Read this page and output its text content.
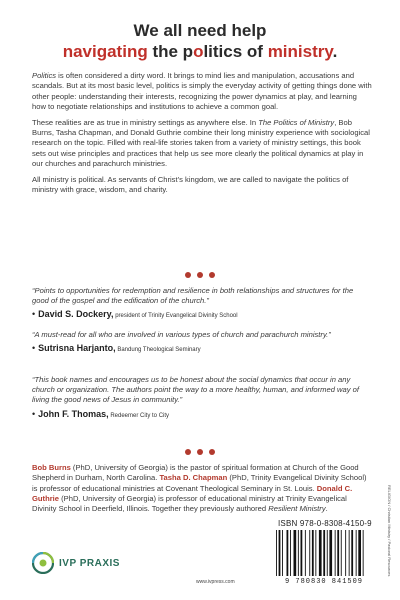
We all need help
navigating the politics of ministry.

Politics is often considered a dirty word. It brings to mind lies and manipulation, accusations and scandals. But at its most basic level, politics is simply the everyday activity of getting things done with other people: understanding their interests, recognizing the power dynamics at play, and learning how to negotiate relationships and institutions to achieve a common goal.

These realities are as true in ministry settings as anywhere else. In The Politics of Ministry, Bob Burns, Tasha Chapman, and Donald Guthrie combine their long ministry experience with sociological research on the topic. Filled with real-life stories taken from a variety of ministry settings, this book sets out wise principles and practices that help us see more clearly the political dynamics at play in our churches and parachurch ministries.

All ministry is political. As servants of Christ’s kingdom, we are called to navigate the politics of ministry with grace, wisdom, and charity.

“Points to opportunities for redemption and resilience in both relationships and structures for the good of the gospel and the edification of the church.”
• David S. Dockery, president of Trinity Evangelical Divinity School
“A must-read for all who are involved in various types of church and parachurch ministry.”
• Sutrisna Harjanto, Bandung Theological Seminary
“This book names and encourages us to be honest about the social dynamics that occur in any church or organization. The authors point the way to a more healthy, human, and informed way of living the good news of Jesus in community.”
• John F. Thomas, Redeemer City to City
Bob Burns (PhD, University of Georgia) is the pastor of spiritual formation at Church of the Good Shepherd in Durham, North Carolina. Tasha D. Chapman (PhD, Trinity Evangelical Divinity School) is professor of educational ministries at Covenant Theological Seminary in St. Louis. Donald C. Guthrie (PhD, University of Georgia) is professor of educational ministry at Trinity Evangelical Divinity School in Deerfield, Illinois. Together they previously authored Resilient Ministry.	RELIGION / Christian Ministry / Pastoral Resources
ISBN 978-0-8308-4150-9
9 780830 841509
IVP PRAXIS
www.ivpress.com
